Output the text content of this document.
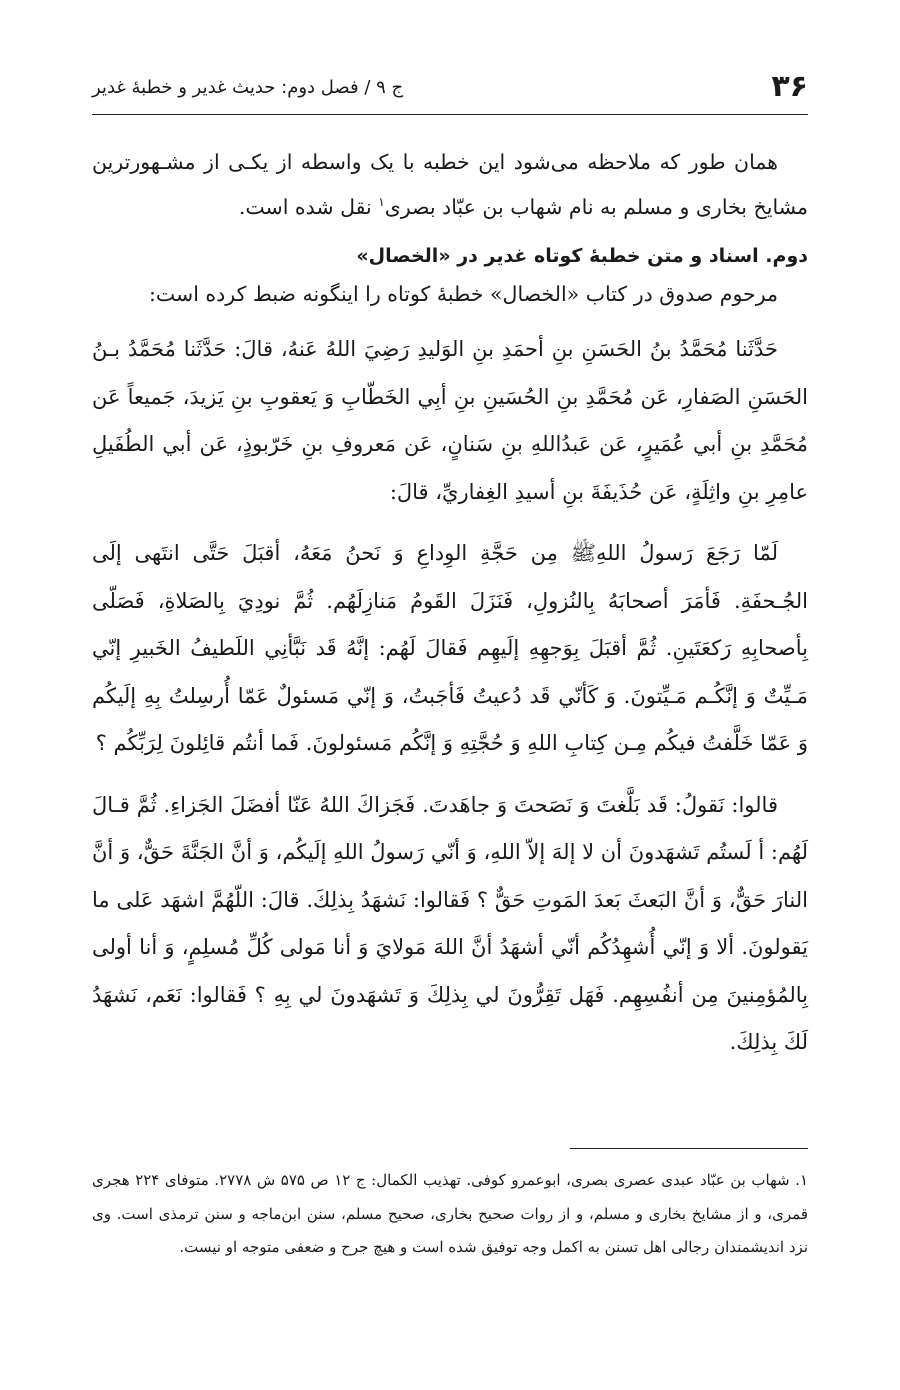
۳۶
ج ۹ / فصل دوم: حدیث غدیر و خطبهٔ غدیر

همان طور که ملاحظه می‌شود این خطبه با یک واسطه از یکـی از مشـهورترین مشایخ بخاری و مسلم به نام شهاب بن عبّاد بصری$^۱$ نقل شده است.

دوم. اسناد و متن خطبهٔ کوتاه غدیر در «الخصال»

مرحوم صدوق در کتاب «الخصال» خطبهٔ کوتاه را اینگونه ضبط کرده است:

حَدَّثَنا مُحَمَّدُ بنُ الحَسَنِ بنِ أحمَدِ بنِ الوَليدِ رَضِيَ اللهُ عَنهُ، قالَ: حَدَّثَنا مُحَمَّدُ بـنُ الحَسَنِ الصَفارِ، عَن مُحَمَّدِ بنِ الحُسَينِ بنِ أبِي الخَطّابِ وَ يَعقوبِ بنِ يَزيدَ، جَميعاً عَن مُحَمَّدِ بنِ أبي عُمَيرٍ، عَن عَبدُاللهِ بنِ سَنانٍ، عَن مَعروفِ بنِ خَرّبوذٍ، عَن أبي الطُفَيلِ عامِرِ بنِ واثِلَةٍ، عَن حُذَيفَةَ بنِ أسيدِ الغِفاريِّ، قالَ:

لَمّا رَجَعَ رَسولُ اللهِﷺ مِن حَجَّةِ الوِداعِ وَ نَحنُ مَعَهُ، أقبَلَ حَتَّى انتَهى إلَى الجُـحفَةِ. فَأمَرَ أصحابَهُ بِالنُزولِ، فَنَزَلَ القَومُ مَنازِلَهُم. ثُمَّ نودِيَ بِالصَلاةِ، فَصَلّى بِأصحابِهِ رَكعَتَينِ. ثُمَّ أقبَلَ بِوَجهِهِ إلَيهِم فَقالَ لَهُم: إنَّهُ قَد نَبَّأنِي اللَطيفُ الخَبيرِ إنّي مَـيِّتٌ وَ إنَّكُـم مَـيِّتونَ. وَ كَأنّي قَد دُعيتُ فَأجَبتُ، وَ إنّي مَسئولٌ عَمّا أُرسِلتُ بِهِ إلَيكُم وَ عَمّا خَلَّفتُ فيكُم مِـن كِتابِ اللهِ وَ حُجَّتِهِ وَ إنَّكُم مَسئولونَ. فَما أنتُم قائِلونَ لِرَبِّكُم ؟

قالوا: نَقولُ: قَد بَلَّغتَ وَ نَصَحتَ وَ جاهَدتَ. فَجَزاكَ اللهُ عَنّا أفضَلَ الجَزاءِ. ثُمَّ قـالَ لَهُم: أ لَستُم تَشهَدونَ أن لا إلهَ إلاّ اللهِ، وَ أنّي رَسولُ اللهِ إلَيكُم، وَ أنَّ الجَنَّةَ حَقٌّ، وَ أنَّ النارَ حَقٌّ، وَ أنَّ البَعثَ بَعدَ المَوتِ حَقٌّ ؟ فَقالوا: نَشهَدُ بِذلِكَ. قالَ: اللّهُمَّ اشهَد عَلى ما يَقولونَ. ألا وَ إنّي أُشهِدُكُم أنّي أشهَدُ أنَّ اللهَ مَولايَ وَ أنا مَولى كُلِّ مُسلِمٍ، وَ أنا أولى بِالمُؤمِنينَ مِن أنفُسِهِم. فَهَل تَقِرُّونَ لي بِذلِكَ وَ تَشهَدونَ لي بِهِ ؟ فَقالوا: نَعَم، نَشهَدُ لَكَ بِذلِكَ.

۱. شهاب بن عبّاد عبدی عصری بصری، ابوعمرو کوفی. تهذیب الکمال: ج ۱۲ ص ۵۷۵ ش ۲۷۷۸. متوفای ۲۲۴ هجری قمری، و از مشایخ بخاری و مسلم، و از روات صحیح بخاری، صحیح مسلم، سنن ابن‌ماجه و سنن ترمذی است. وی نزد اندیشمندان رجالی اهل تسنن به اکمل وجه توفیق شده است و هیچ جرح و ضعفی متوجه او نیست.
